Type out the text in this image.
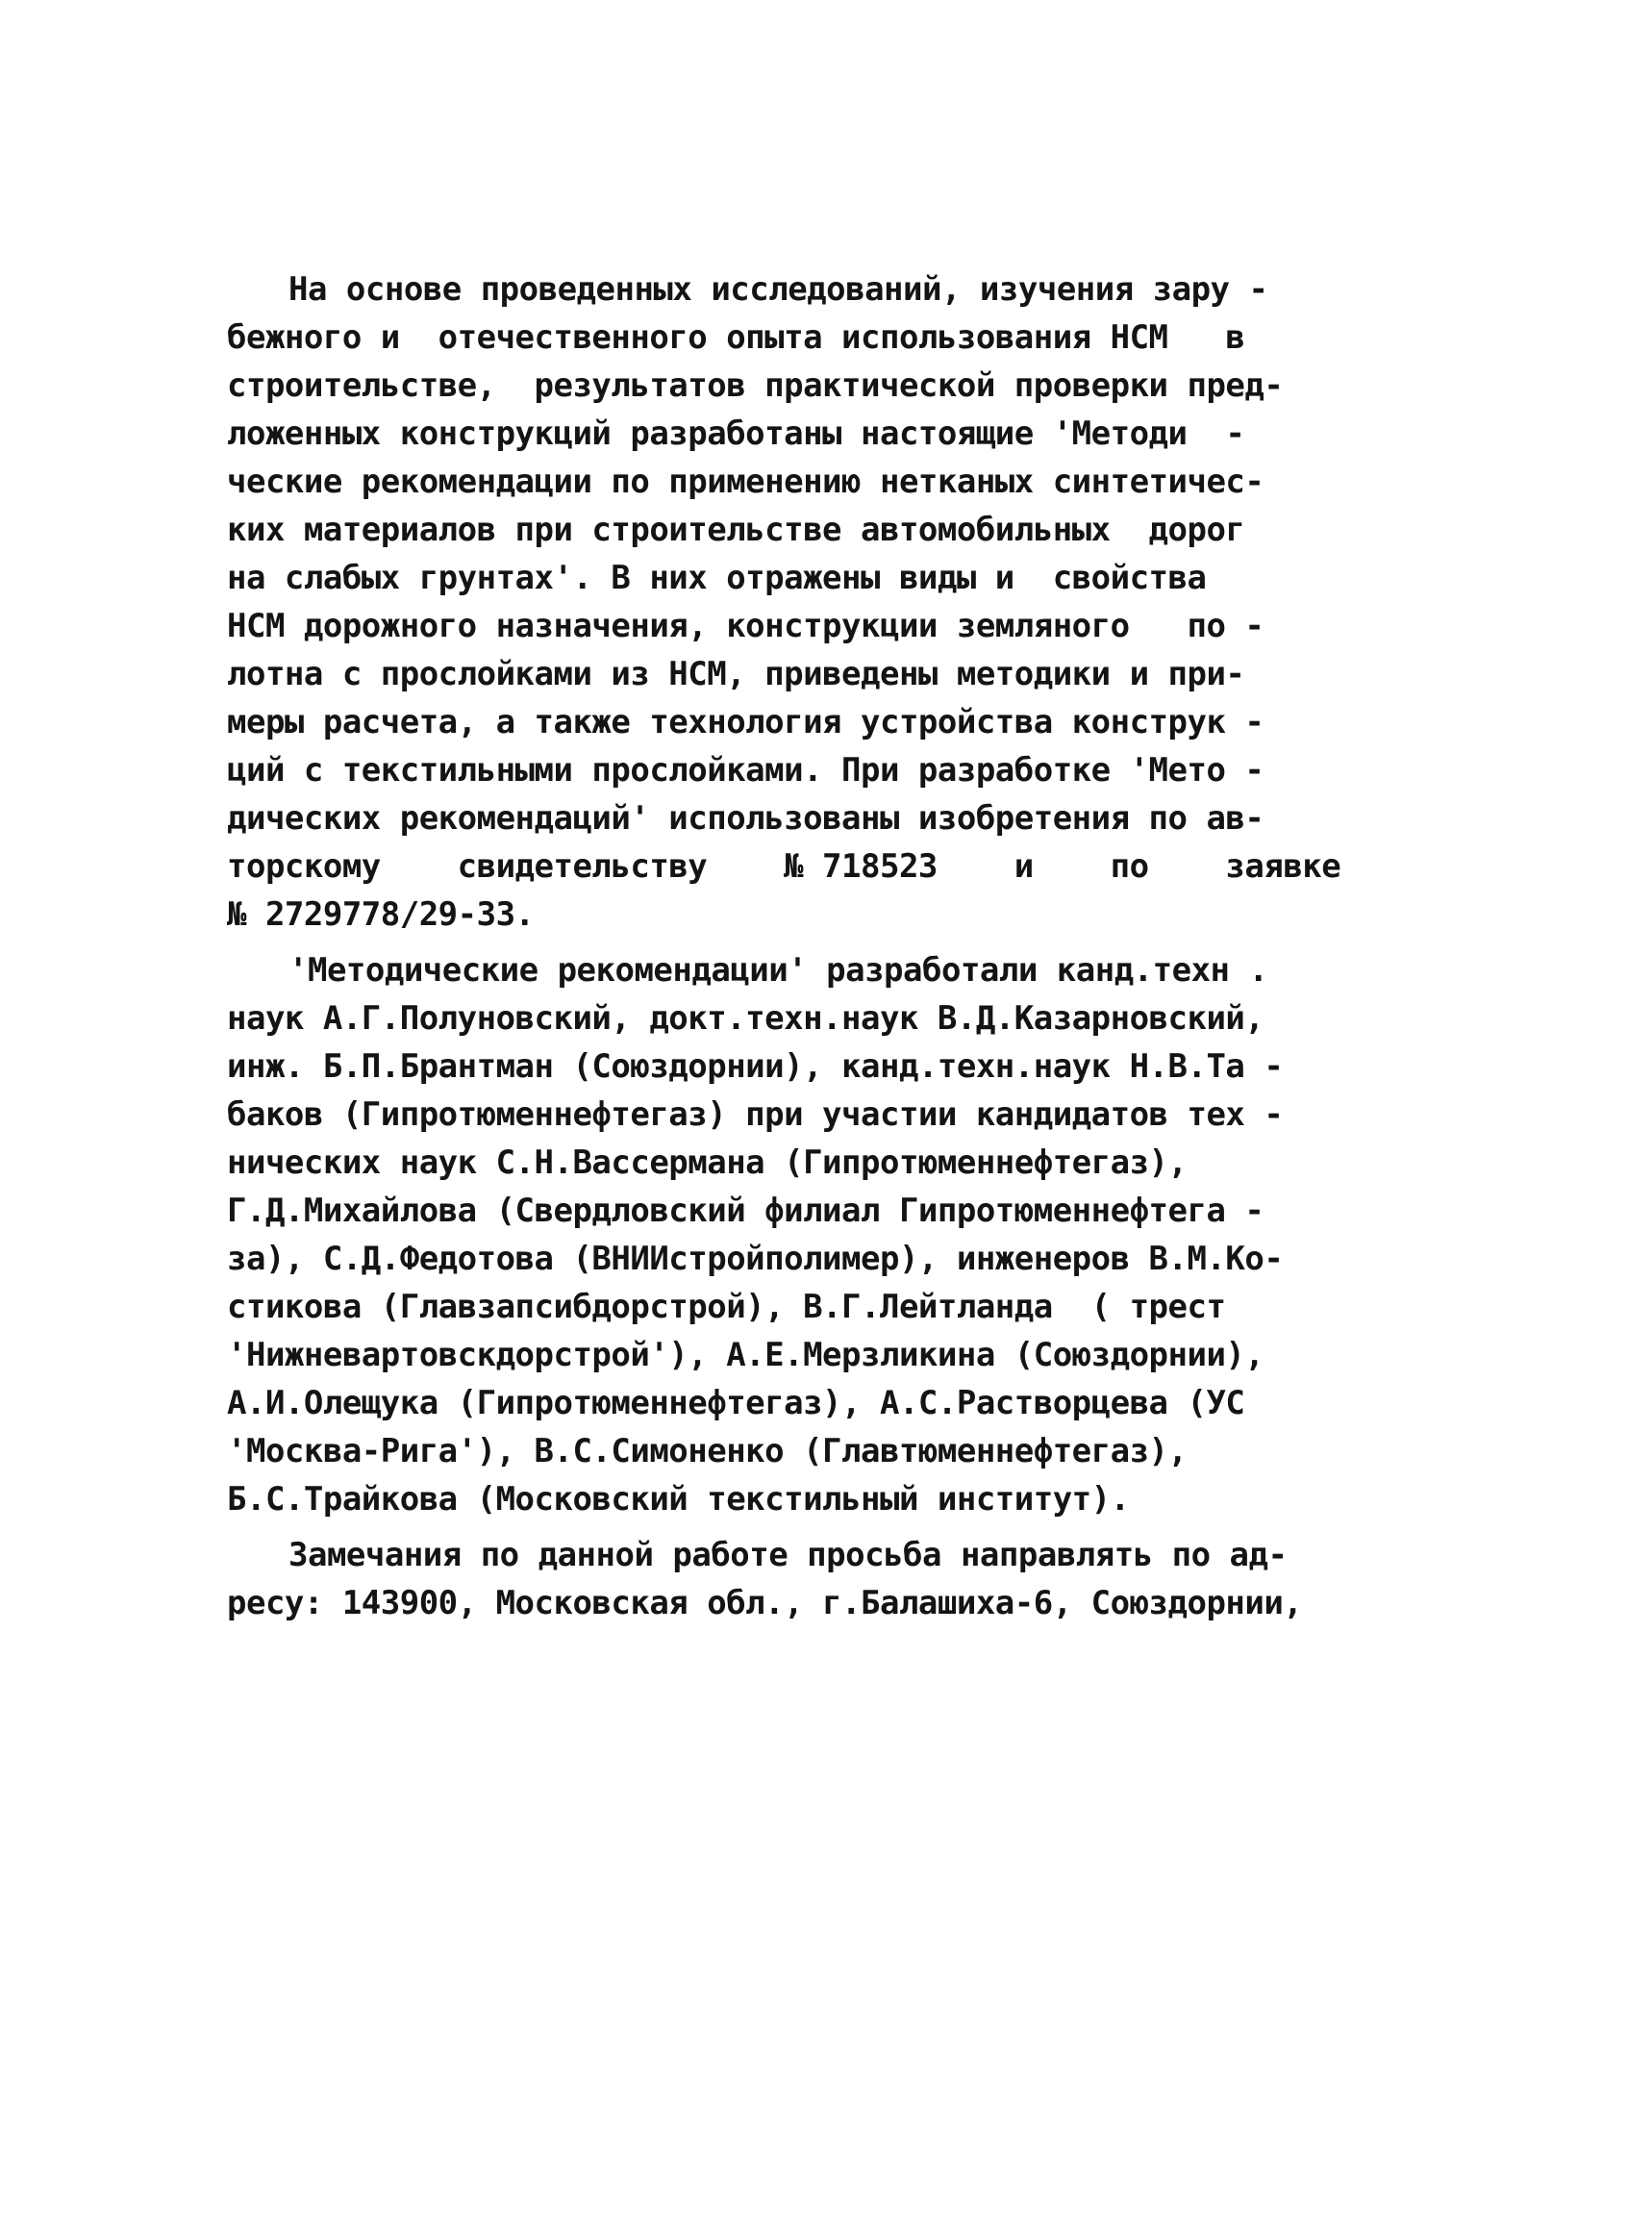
На основе проведенных исследований, изучения зару -
бежного и  отечественного опыта использования НСМ   в
строительстве,  результатов практической проверки пред-
ложенных конструкций разработаны настоящие 'Методи  -
ческие рекомендации по применению нетканых синтетичес-
ких материалов при строительстве автомобильных  дорог
на слабых грунтах'. В них отражены виды и  свойства
НСМ дорожного назначения, конструкции земляного   по -
лотна с прослойками из НСМ, приведены методики и при-
меры расчета, а также технология устройства конструк -
ций с текстильными прослойками. При разработке 'Мето -
дических рекомендаций' использованы изобретения по ав-
торскому    свидетельству    № 718523    и    по    заявке
№ 2729778/29-33.
'Методические рекомендации' разработали канд.техн .
наук А.Г.Полуновский, докт.техн.наук В.Д.Казарновский,
инж. Б.П.Брантман (Союздорнии), канд.техн.наук Н.В.Та -
баков (Гипротюменнефтегаз) при участии кандидатов тех -
нических наук С.Н.Вассермана (Гипротюменнефтегаз),
Г.Д.Михайлова (Свердловский филиал Гипротюменнефтега -
за), С.Д.Федотова (ВНИИстройполимер), инженеров В.М.Ко-
стикова (Главзапсибдорстрой), В.Г.Лейтланда  ( трест
'Нижневартовскдорстрой'), А.Е.Мерзликина (Союздорнии),
А.И.Олещука (Гипротюменнефтегаз), А.С.Растворцева (УС
'Москва-Рига'), В.С.Симоненко (Главтюменнефтегаз),
Б.С.Трайкова (Московский текстильный институт).
Замечания по данной работе просьба направлять по ад-
ресу: 143900, Московская обл., г.Балашиха-6, Союздорнии,
